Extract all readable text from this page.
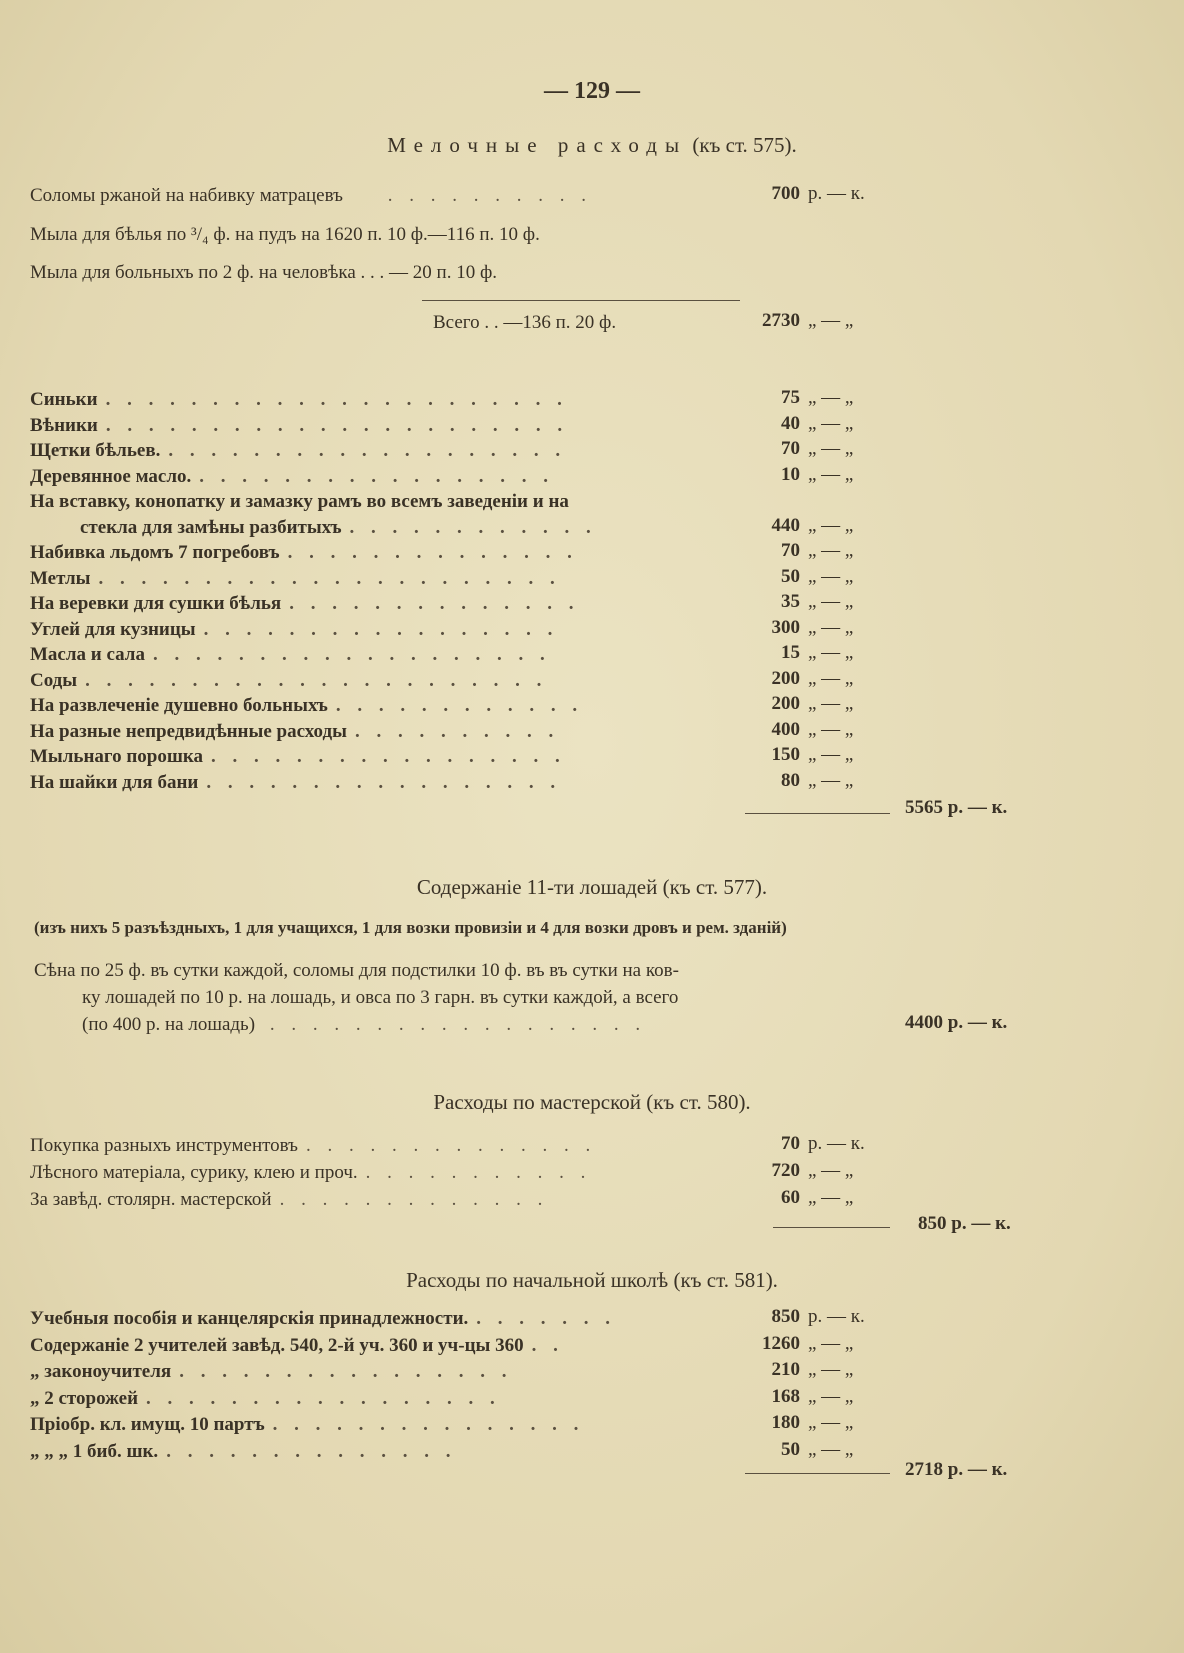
— 129 —
Мелочные расходы (къ ст. 575).
Соломы ржаной на набивку матрацевъ . . . . . . . . . .	700 р. — к.
Мыла для бѣлья по ³/₄ ф. на пудъ на 1620 п. 10 ф.—116 п. 10 ф.
Мыла для больныхъ по 2 ф. на человѣка . . . — 20 п. 10 ф.
Всего . . —136 п. 20 ф.	2730 „ — „
Синьки . . . . . . . . . . . . . . . . . . . . . .	75 „ — „
Вѣники . . . . . . . . . . . . . . . . . . . . . .	40 „ — „
Щетки бѣльев. . . . . . . . . . . . . . . . . . . .	70 „ — „
Деревянное масло. . . . . . . . . . . . . . . . . .	10 „ — „
На вставку, конопатку и замазку рамъ во всемъ заведеніи и на
стекла для замѣны разбитыхъ . . . . . . . . . . . .	440 „ — „
Набивка льдомъ 7 погребовъ . . . . . . . . . . . . . .	70 „ — „
Метлы . . . . . . . . . . . . . . . . . . . . . .	50 „ — „
На веревки для сушки бѣлья . . . . . . . . . . . . . .	35 „ — „
Углей для кузницы . . . . . . . . . . . . . . . . .	300 „ — „
Масла и сала . . . . . . . . . . . . . . . . . . .	15 „ — „
Соды . . . . . . . . . . . . . . . . . . . . . .	200 „ — „
На развлеченіе душевно больныхъ . . . . . . . . . . . .	200 „ — „
На разные непредвидѣнные расходы . . . . . . . . . .	400 „ — „
Мыльнаго порошка . . . . . . . . . . . . . . . . .	150 „ — „
На шайки для бани . . . . . . . . . . . . . . . . .	80 „ — „
5565 р. — к.
Содержаніе 11-ти лошадей (къ ст. 577).
(изъ нихъ 5 разъѣздныхъ, 1 для учащихся, 1 для возки провизіи и 4 для возки дровъ и рем. зданій)
Сѣна по 25 ф. въ сутки каждой, соломы для подстилки 10 ф. въ въ сутки на ков-
ку лошадей по 10 р. на лошадь, и овса по 3 гарн. въ сутки каждой, а всего
(по 400 р. на лошадь) . . . . . . . . . . . . . . . . . .	4400 р. — к.
Расходы по мастерской (къ ст. 580).
Покупка разныхъ инструментовъ . . . . . . . . . . . . . .	70 р. — к.
Лѣсного матеріала, сурику, клею и проч. . . . . . . . . . . .	720 „ — „
За завѣд. столярн. мастерской . . . . . . . . . . . . .	60 „ — „
850 р. — к.
Расходы по начальной школѣ (къ ст. 581).
Учебныя пособія и канцелярскія принадлежности. . . . . . . .	850 р. — к.
Содержаніе 2 учителей завѣд. 540, 2-й уч. 360 и уч-цы 360 . .	1260 „ — „
„ законоучителя . . . . . . . . . . . . . . . .	210 „ — „
„ 2 сторожей . . . . . . . . . . . . . . . . .	168 „ — „
Пріобр. кл. имущ. 10 партъ . . . . . . . . . . . . . . .	180 „ — „
„ „ „ 1 биб. шк. . . . . . . . . . . . . . .	50 „ — „
2718 р. — к.
